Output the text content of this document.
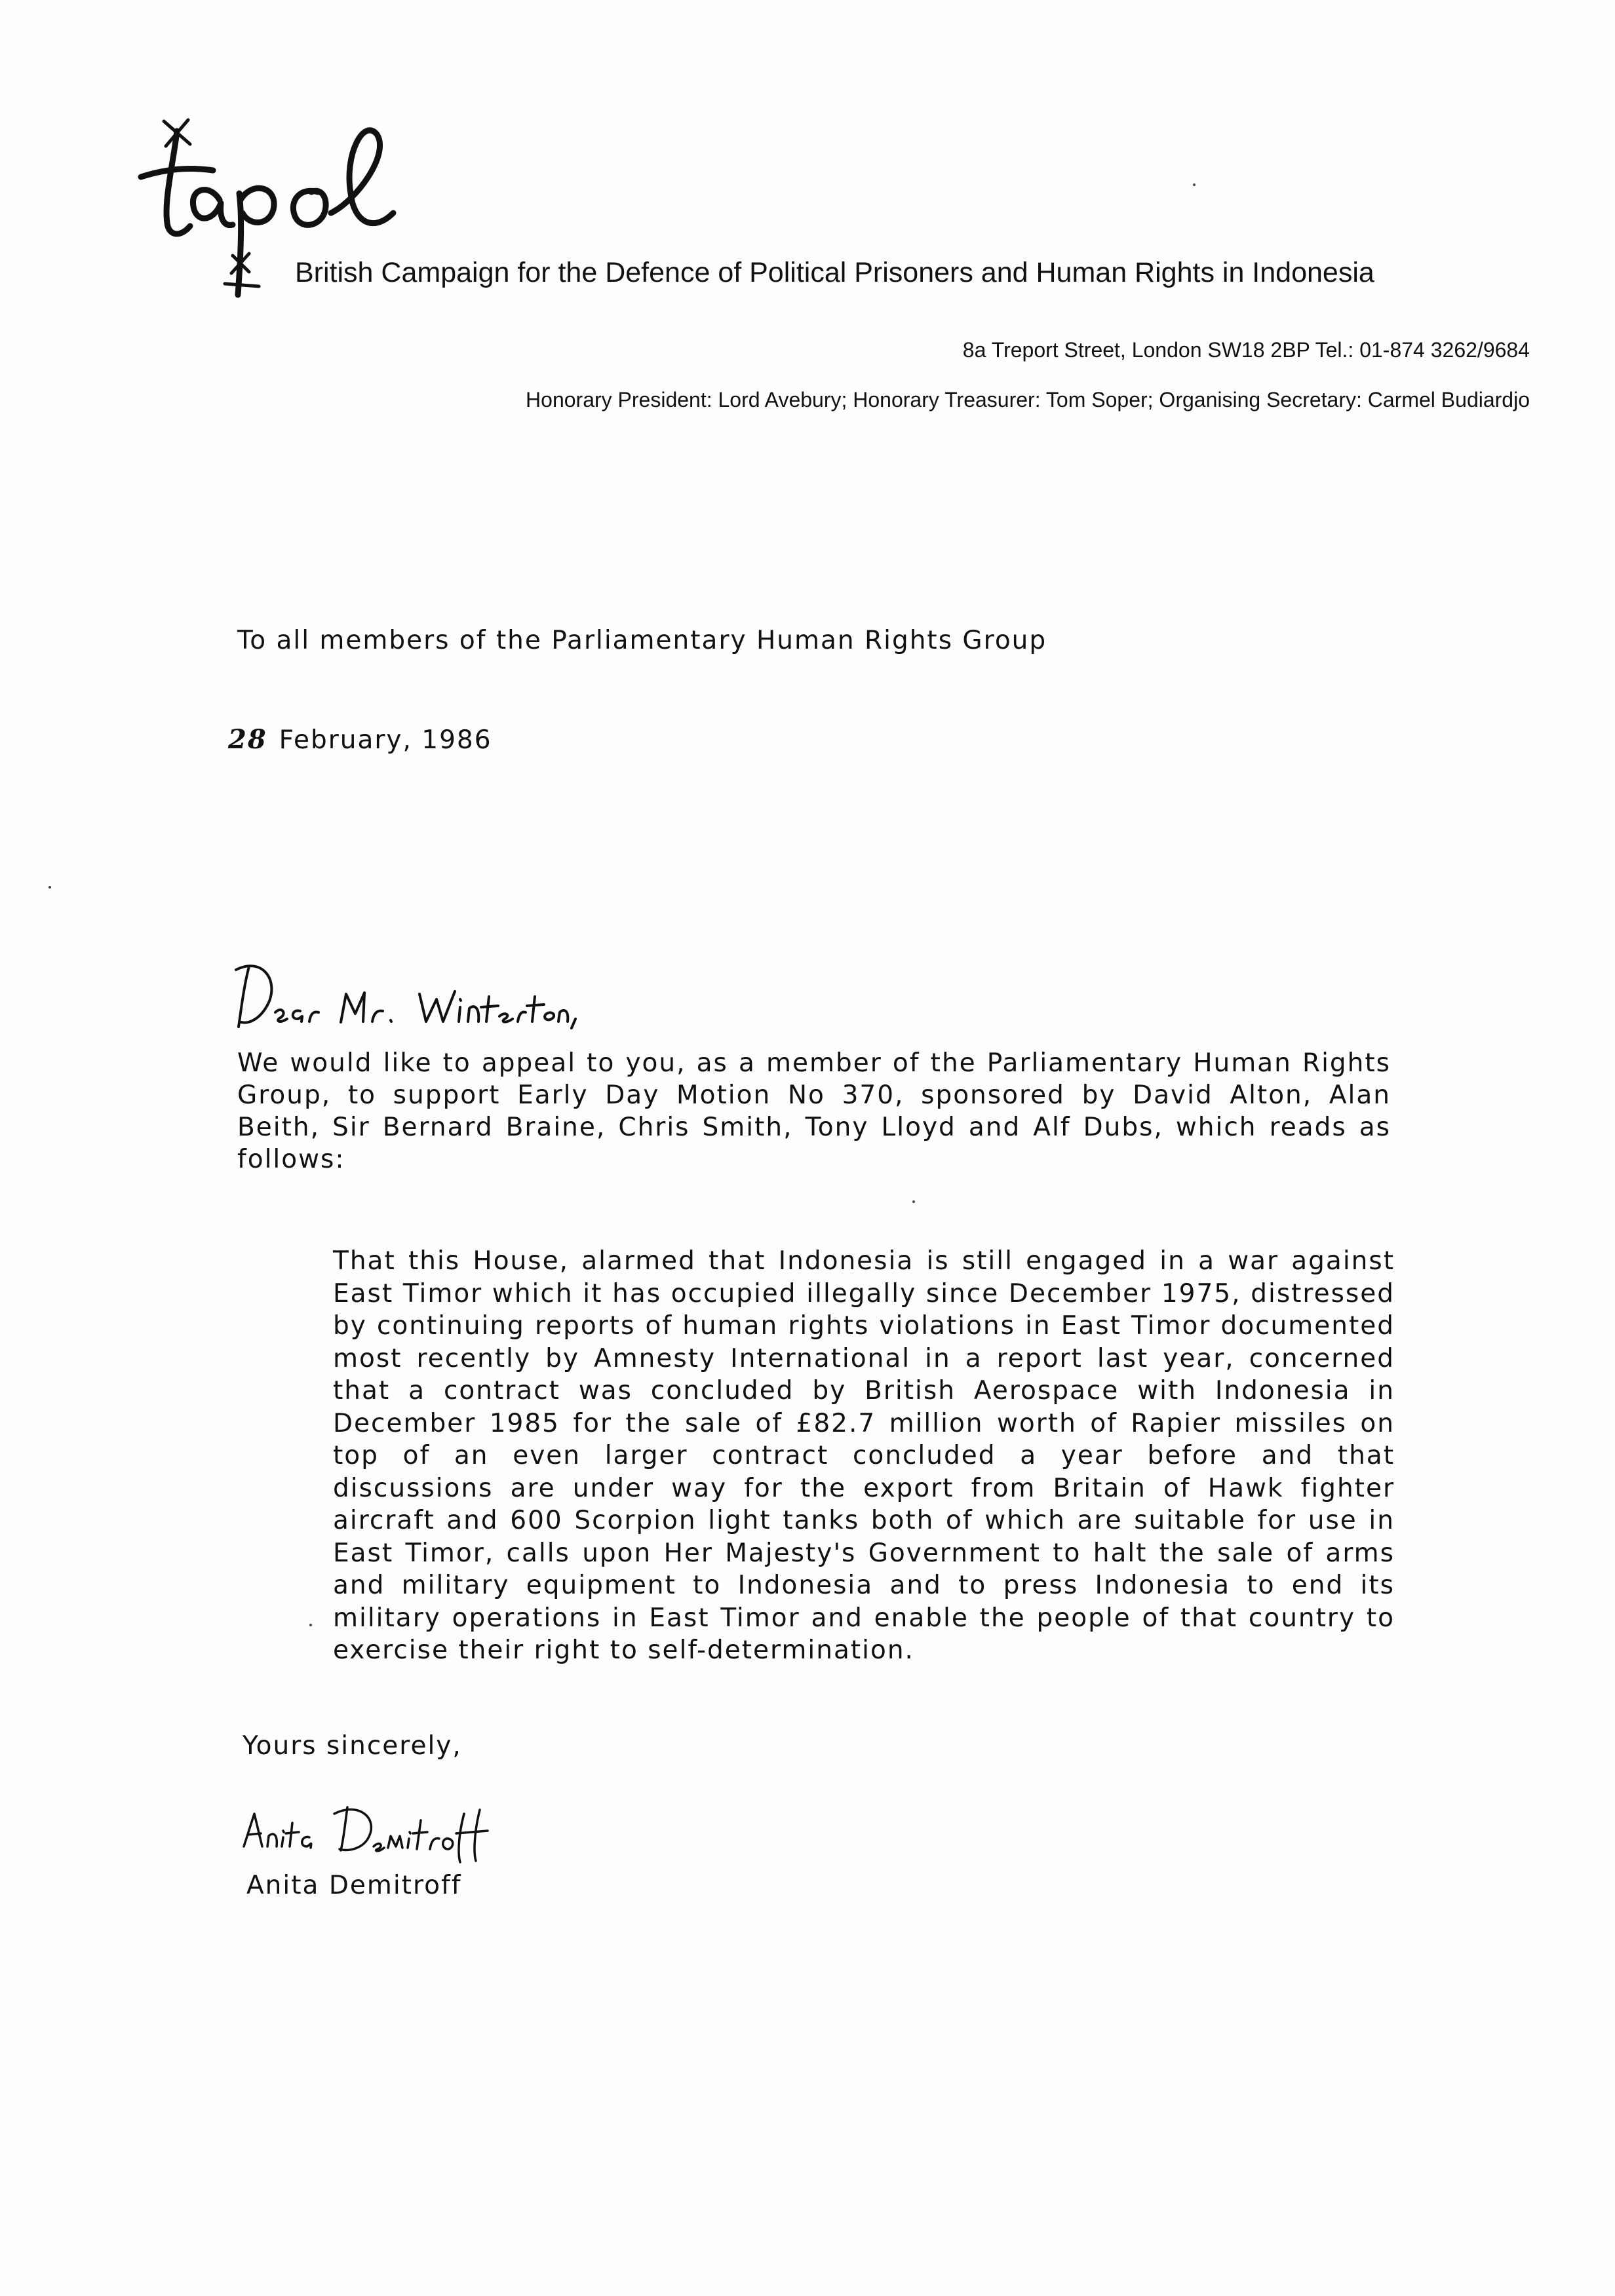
British Campaign for the Defence of Political Prisoners and Human Rights in Indonesia
8a Treport Street, London SW18 2BP Tel.: 01-874 3262/9684
Honorary President: Lord Avebury; Honorary Treasurer: Tom Soper; Organising Secretary: Carmel Budiardjo
To all members of the Parliamentary Human Rights Group
28 February, 1986
We would like to appeal to you, as a member of the Parliamentary Human Rights Group, to support Early Day Motion No 370, sponsored by David Alton, Alan Beith, Sir Bernard Braine, Chris Smith, Tony Lloyd and Alf Dubs, which reads as follows:
That this House, alarmed that Indonesia is still engaged in a war against East Timor which it has occupied illegally since December 1975, distressed by continuing reports of human rights violations in East Timor documented most recently by Amnesty International in a report last year, concerned that a contract was concluded by British Aerospace with Indonesia in December 1985 for the sale of £82.7 million worth of Rapier missiles on top of an even larger contract concluded a year before and that discussions are under way for the export from Britain of Hawk fighter aircraft and 600 Scorpion light tanks both of which are suitable for use in East Timor, calls upon Her Majesty's Government to halt the sale of arms and military equipment to Indonesia and to press Indonesia to end its military operations in East Timor and enable the people of that country to exercise their right to self-determination.
Yours sincerely,
Anita Demitroff
